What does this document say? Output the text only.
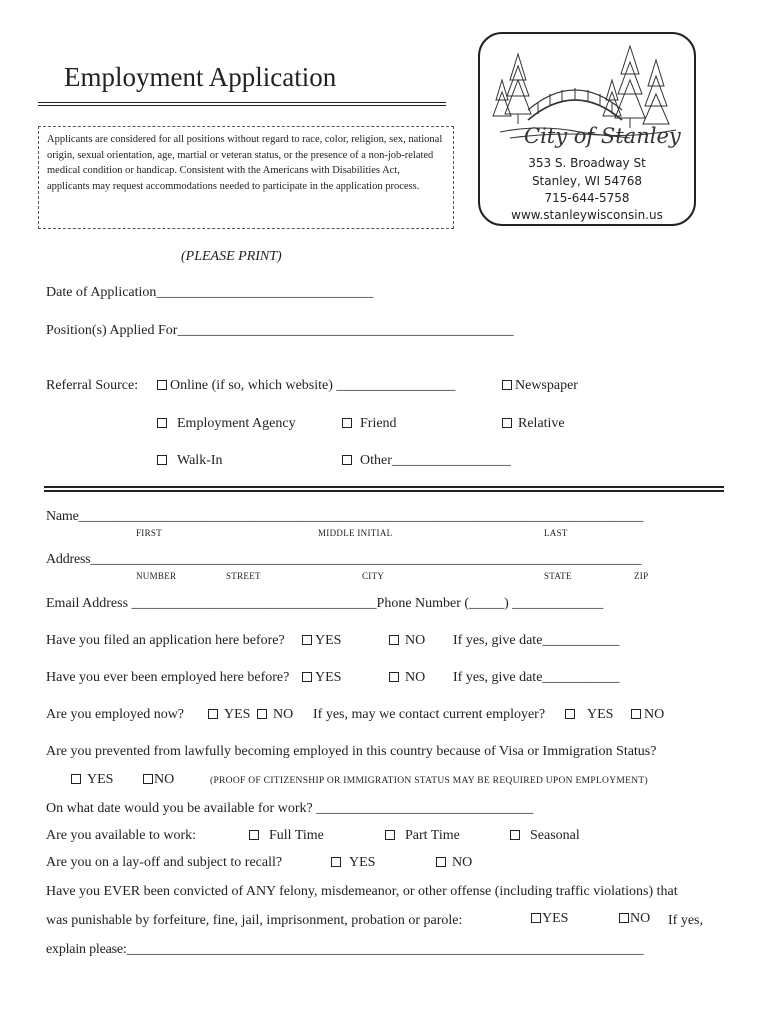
Employment Application
Applicants are considered for all positions without regard to race, color, religion, sex, national origin, sexual orientation, age, martial or veteran status, or the presence of a non-job-related medical condition or handicap. Consistent with the Americans with Disabilities Act, applicants may request accommodations needed to participate in the application process.
City of Stanley
353 S. Broadway St
Stanley, WI 54768
715-644-5758
www.stanleywisconsin.us
(PLEASE PRINT)
Date of Application_______________________________
Position(s) Applied For________________________________________________
Referral Source:	Online (if so, which website) _________________	Newspaper
Employment Agency	Friend	Relative
Walk-In	Other_________________
Name___________________________________________________________________________________
FIRST	MIDDLE INITIAL	LAST
Address_________________________________________________________________________________
NUMBER	STREET	CITY	STATE	ZIP
Email Address ___________________________________Phone Number (_____) _____________
Have you filed an application here before?	YES	NO If yes, give date___________
Have you ever been employed here before?	YES	NO If yes, give date___________
Are you employed now?	YES	NO If yes, may we contact current employer?	YES	NO
Are you prevented from lawfully becoming employed in this country because of Visa or Immigration Status?
YES	NO	(PROOF OF CITIZENSHIP OR IMMIGRATION STATUS MAY BE REQUIRED UPON EMPLOYMENT)
On what date would you be available for work? _______________________________
Are you available to work:	Full Time	Part Time	Seasonal
Are you on a lay-off and subject to recall?	YES	NO
Have you EVER been convicted of ANY felony, misdemeanor, or other offense (including traffic violations) that
was punishable by forfeiture, fine, jail, imprisonment, probation or parole:	YES	NO If yes,
explain please:____________________________________________________________________________
